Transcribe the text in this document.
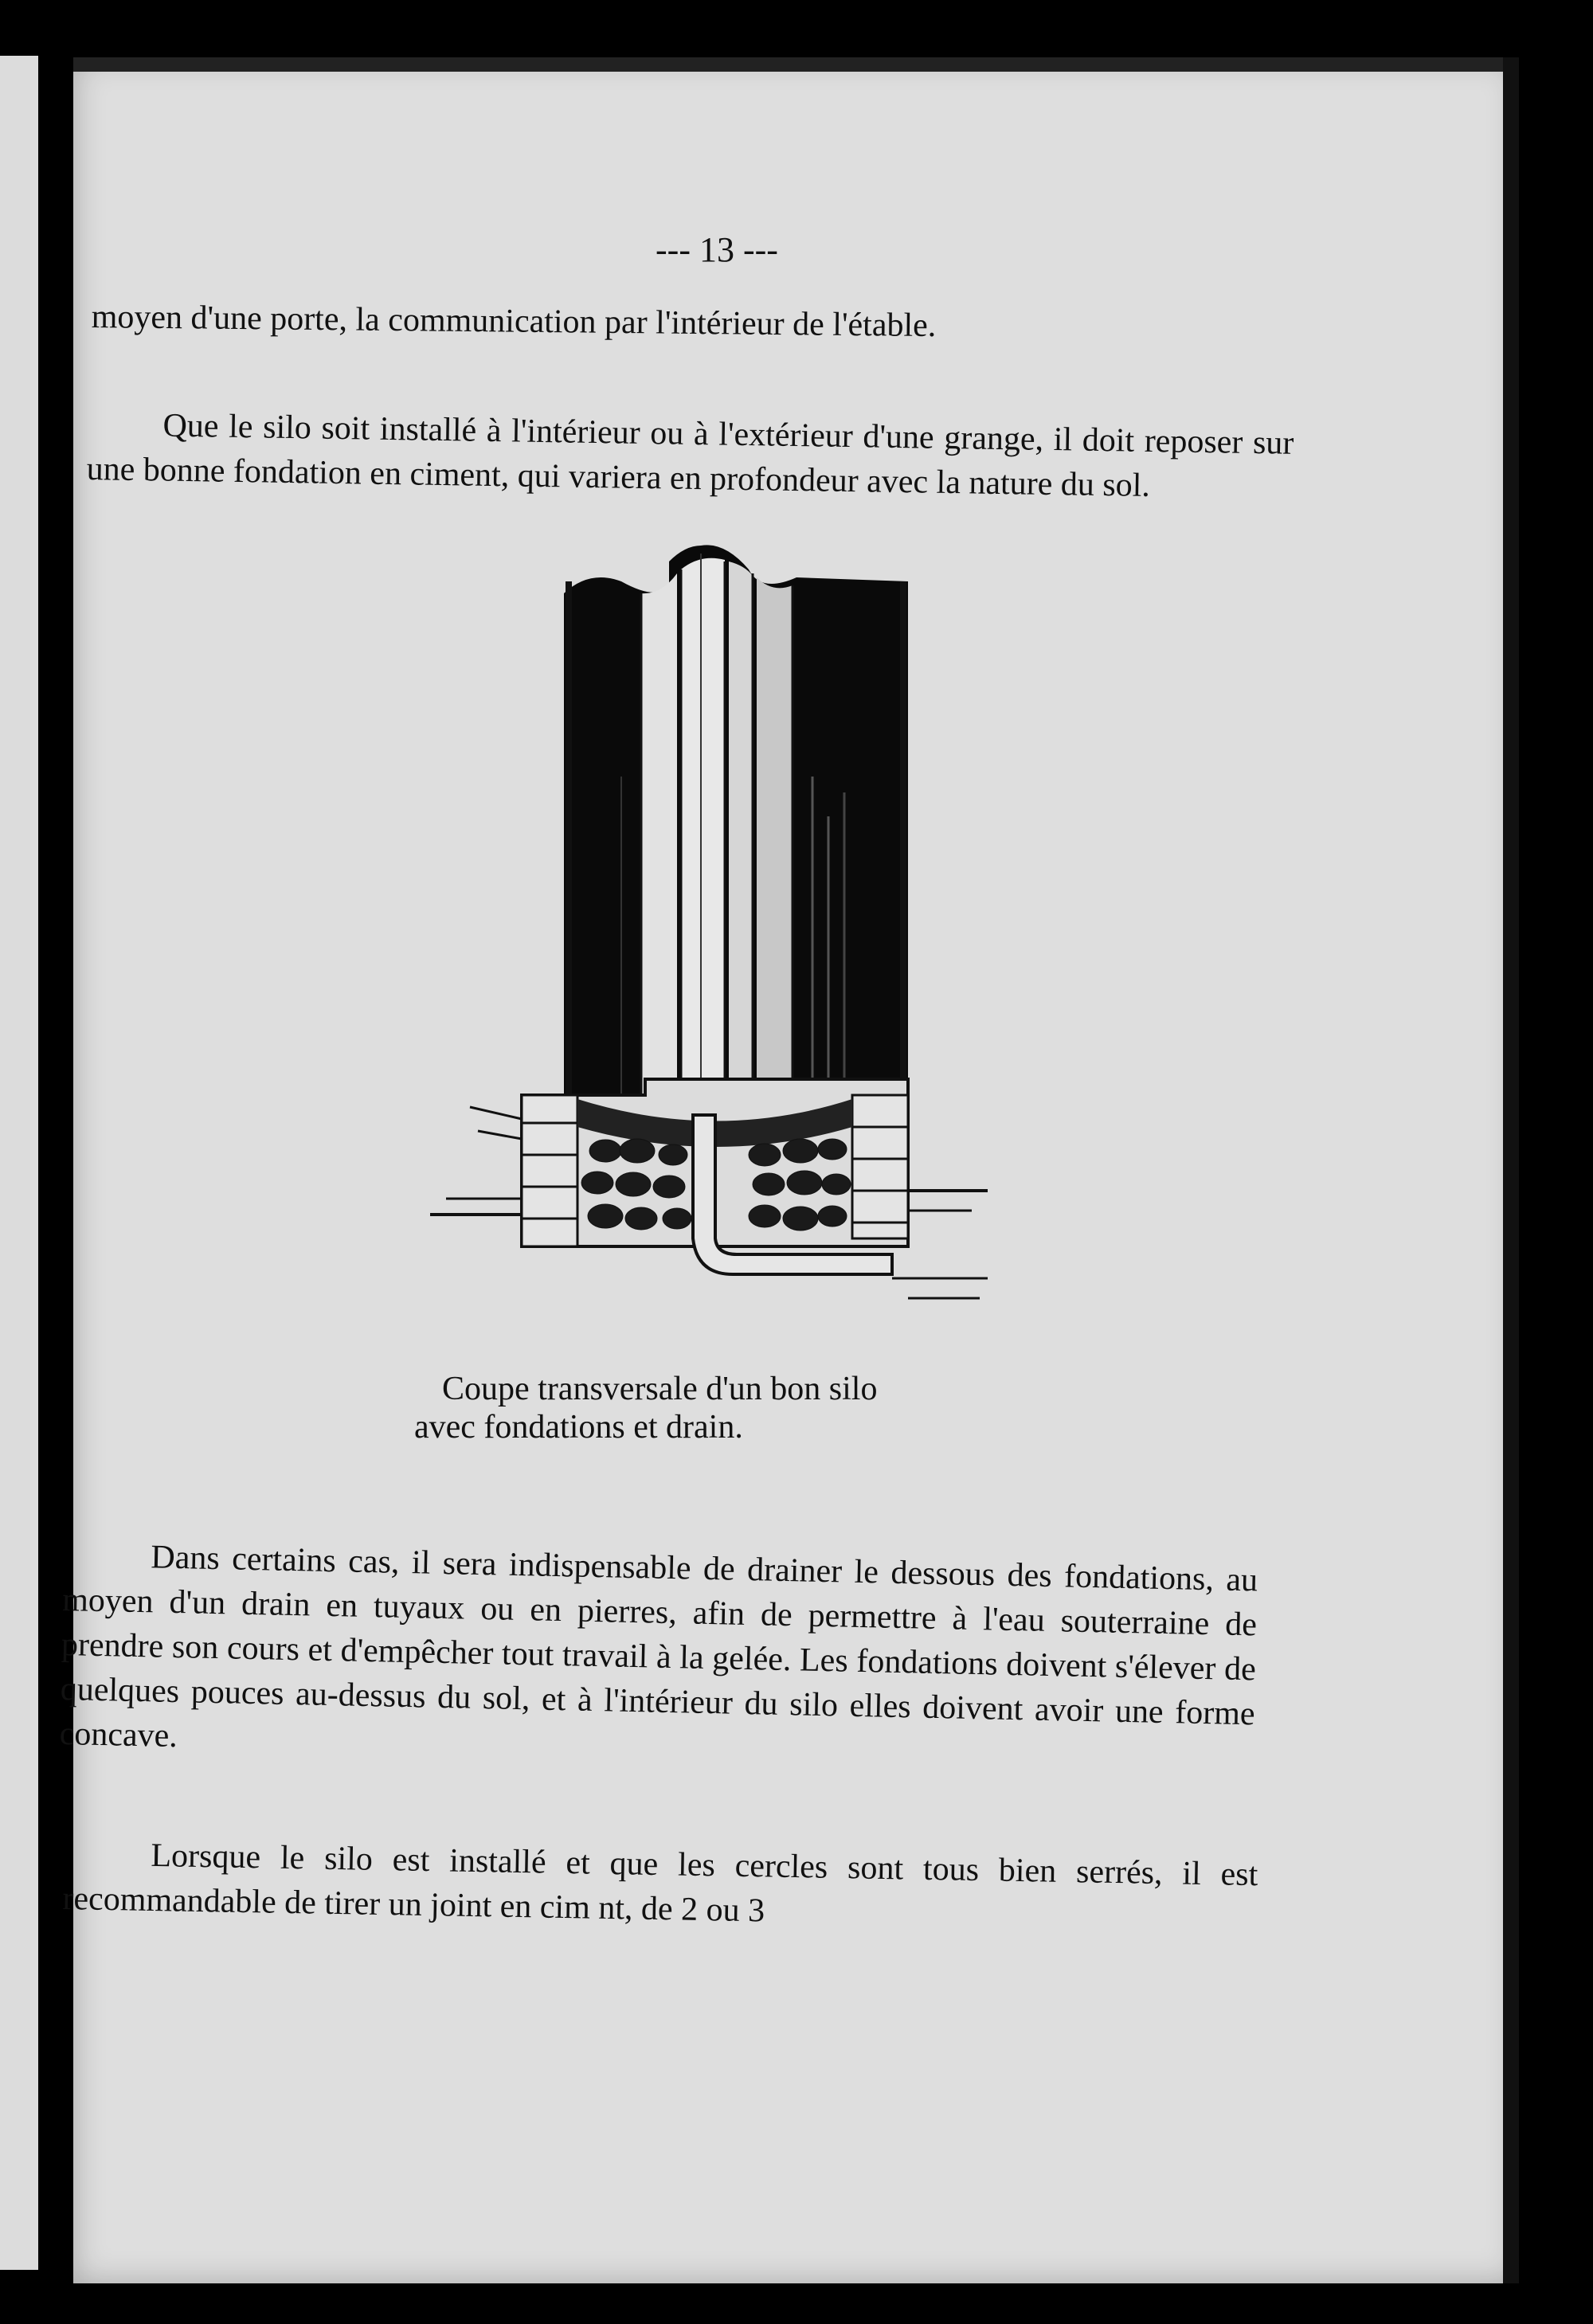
--- 13 ---

moyen d'une porte, la communication par l'intérieur de l'étable.

Que le silo soit installé à l'intérieur ou à l'extérieur d'une grange, il doit reposer sur une bonne fondation en ciment, qui variera en profondeur avec la nature du sol.

Coupe transversale d'un bon silo
avec fondations et drain.

Dans certains cas, il sera indispensable de drainer le dessous des fondations, au moyen d'un drain en tuyaux ou en pierres, afin de permettre à l'eau souterraine de prendre son cours et d'empêcher tout travail à la gelée. Les fondations doivent s'élever de quelques pouces au-dessus du sol, et à l'intérieur du silo elles doivent avoir une forme concave.

Lorsque le silo est installé et que les cercles sont tous bien serrés, il est recommandable de tirer un joint en cim nt, de 2 ou 3
